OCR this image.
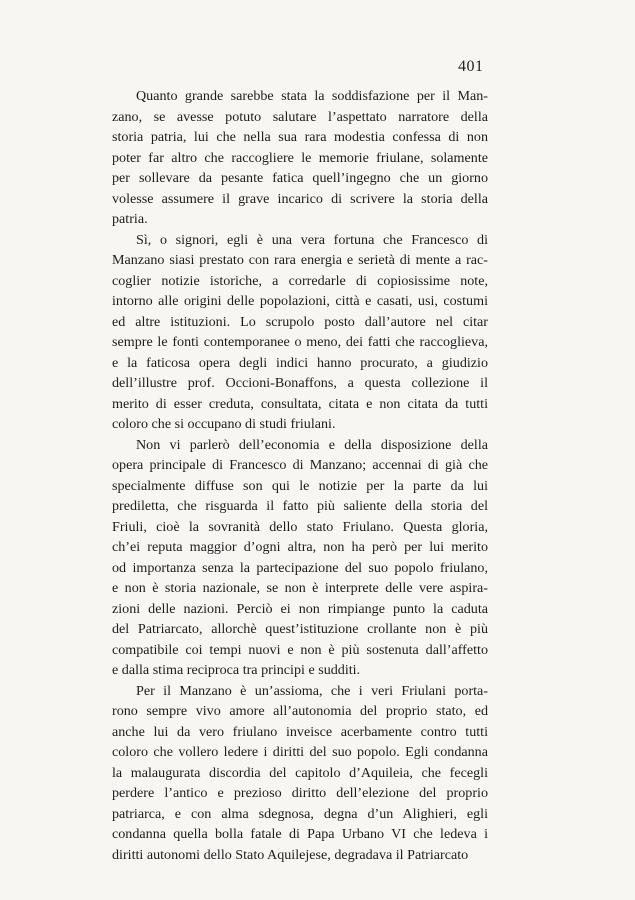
401
Quanto grande sarebbe stata la soddisfazione per il Man-
zano, se avesse potuto salutare l’aspettato narratore della
storia patria, lui che nella sua rara modestia confessa di non
poter far altro che raccogliere le memorie friulane, solamente
per sollevare da pesante fatica quell’ingegno che un giorno
volesse assumere il grave incarico di scrivere la storia della
patria.
Sì, o signori, egli è una vera fortuna che Francesco di
Manzano siasi prestato con rara energia e serietà di mente a rac-
coglier notizie istoriche, a corredarle di copiosissime note,
intorno alle origini delle popolazioni, città e casati, usi, costumi
ed altre istituzioni. Lo scrupolo posto dall’autore nel citar
sempre le fonti contemporanee o meno, dei fatti che raccoglieva,
e la faticosa opera degli indici hanno procurato, a giudizio
dell’illustre prof. Occioni-Bonaffons, a questa collezione il
merito di esser creduta, consultata, citata e non citata da tutti
coloro che si occupano di studi friulani.
Non vi parlerò dell’economia e della disposizione della
opera principale di Francesco di Manzano; accennai di già che
specialmente diffuse son qui le notizie per la parte da lui
prediletta, che risguarda il fatto più saliente della storia del
Friuli, cioè la sovranità dello stato Friulano. Questa gloria,
ch’ei reputa maggior d’ogni altra, non ha però per lui merito
od importanza senza la partecipazione del suo popolo friulano,
e non è storia nazionale, se non è interprete delle vere aspira-
zioni delle nazioni. Perciò ei non rimpiange punto la caduta
del Patriarcato, allorchè quest’istituzione crollante non è più
compatibile coi tempi nuovi e non è più sostenuta dall’affetto
e dalla stima reciproca tra principi e sudditi.
Per il Manzano è un’assioma, che i veri Friulani porta-
rono sempre vivo amore all’autonomia del proprio stato, ed
anche lui da vero friulano inveisce acerbamente contro tutti
coloro che vollero ledere i diritti del suo popolo. Egli condanna
la malaugurata discordia del capitolo d’Aquileia, che fecegli
perdere l’antico e prezioso diritto dell’elezione del proprio
patriarca, e con alma sdegnosa, degna d’un Alighieri, egli
condanna quella bolla fatale di Papa Urbano VI che ledeva i
diritti autonomi dello Stato Aquilejese, degradava il Patriarcato
